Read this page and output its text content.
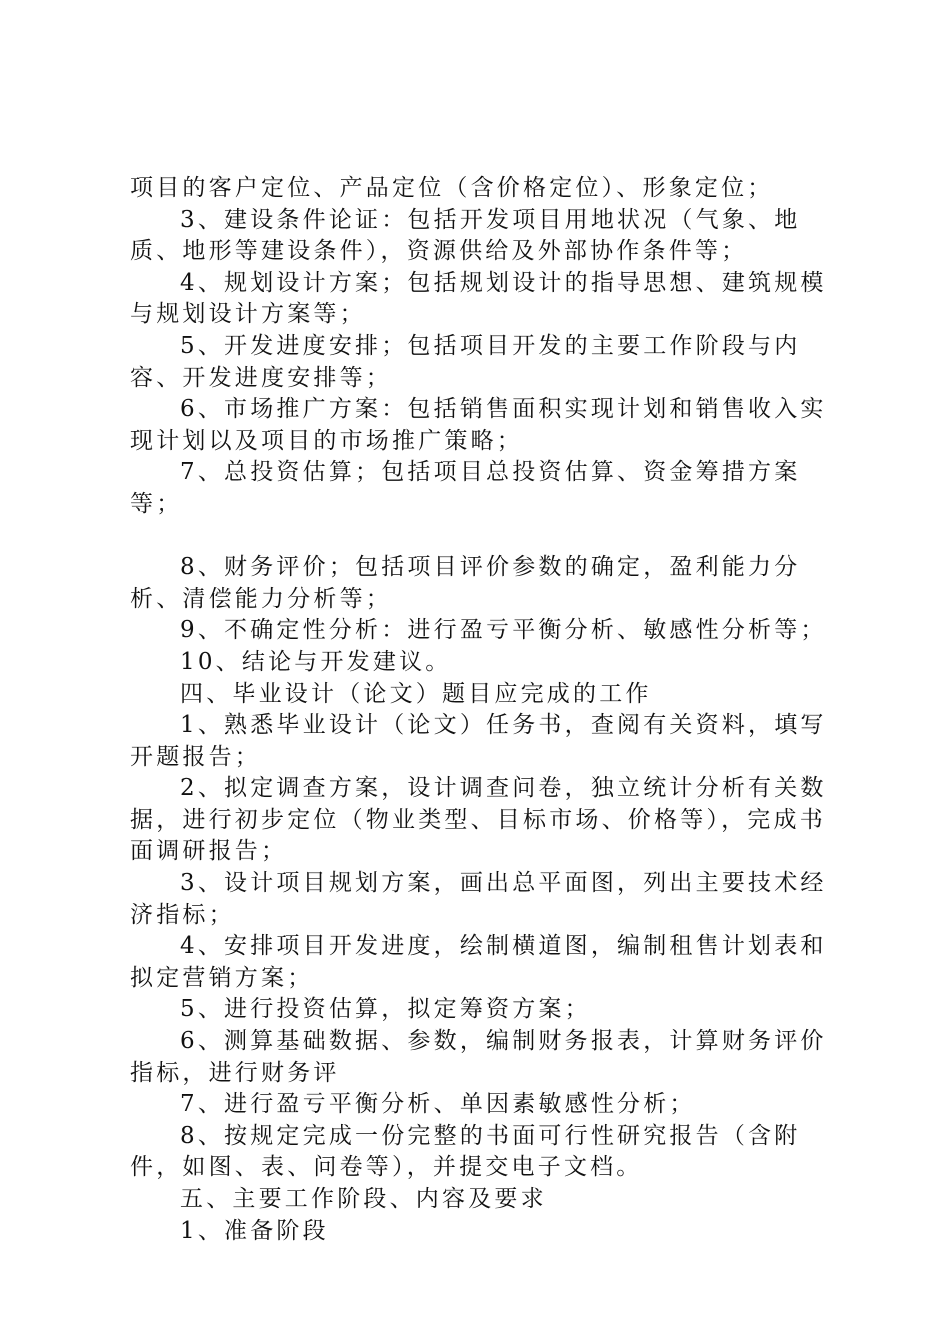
项目的客户定位、产品定位（含价格定位）、形象定位；

3、建设条件论证：包括开发项目用地状况（气象、地质、地形等建设条件），资源供给及外部协作条件等；

4、规划设计方案；包括规划设计的指导思想、建筑规模与规划设计方案等；

5、开发进度安排；包括项目开发的主要工作阶段与内容、开发进度安排等；

6、市场推广方案：包括销售面积实现计划和销售收入实现计划以及项目的市场推广策略；

7、总投资估算；包括项目总投资估算、资金筹措方案等；

8、财务评价；包括项目评价参数的确定，盈利能力分析、清偿能力分析等；

9、不确定性分析：进行盈亏平衡分析、敏感性分析等；

10、结论与开发建议。

四、毕业设计（论文）题目应完成的工作

1、熟悉毕业设计（论文）任务书，查阅有关资料，填写开题报告；

2、拟定调查方案，设计调查问卷，独立统计分析有关数据，进行初步定位（物业类型、目标市场、价格等），完成书面调研报告；

3、设计项目规划方案，画出总平面图，列出主要技术经济指标；

4、安排项目开发进度，绘制横道图，编制租售计划表和拟定营销方案；

5、进行投资估算，拟定筹资方案；

6、测算基础数据、参数，编制财务报表，计算财务评价指标，进行财务评

7、进行盈亏平衡分析、单因素敏感性分析；

8、按规定完成一份完整的书面可行性研究报告（含附件，如图、表、问卷等），并提交电子文档。

五、主要工作阶段、内容及要求

1、准备阶段
